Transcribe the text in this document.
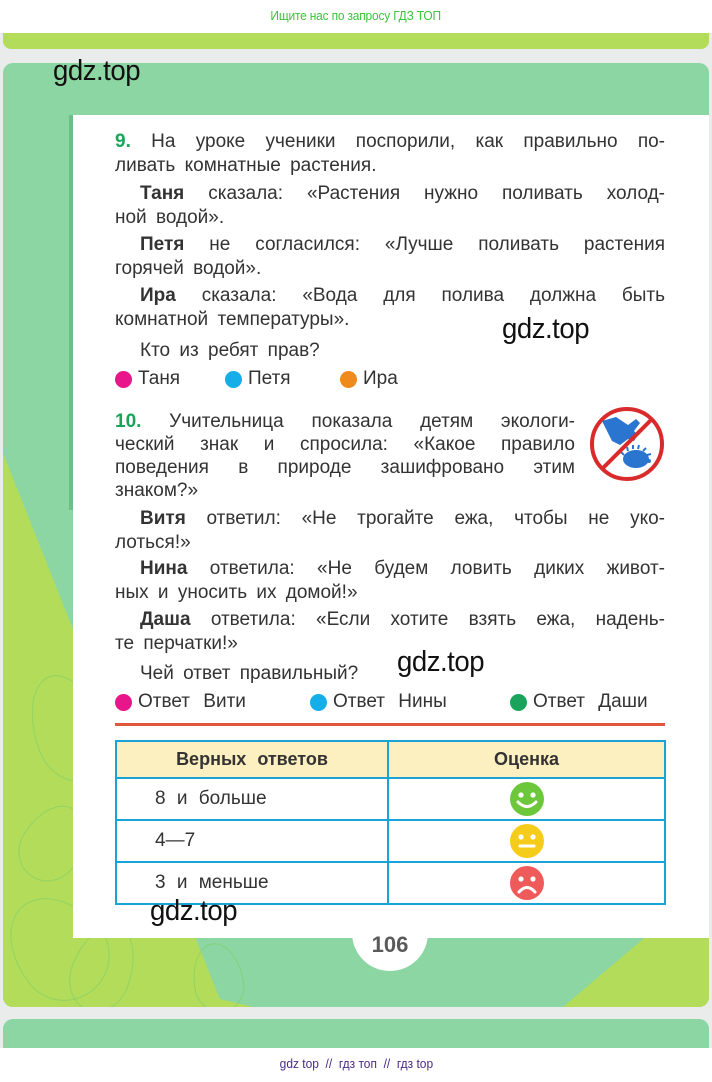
Ищите нас по запросу ГДЗ ТОП
gdz.top
gdz.top
gdz.top
gdz.top
9. На уроке ученики поспорили, как правильно по-
ливать комнатные растения.
Таня сказала: «Растения нужно поливать холод-
ной водой».
Петя не согласился: «Лучше поливать растения
горячей водой».
Ира сказала: «Вода для полива должна быть
комнатной температуры».
Кто из ребят прав?
Таня	Петя	Ира
10. Учительница показала детям экологи-
ческий знак и спросила: «Какое правило
поведения в природе зашифровано этим
знаком?»
Витя ответил: «Не трогайте ежа, чтобы не уко-
лоться!»
Нина ответила: «Не будем ловить диких живот-
ных и уносить их домой!»
Даша ответила: «Если хотите взять ежа, надень-
те перчатки!»
Чей ответ правильный?
Ответ Вити	Ответ Нины	Ответ Даши
Верных ответов	Оценка
8 и больше	
4—7	
3 и меньше	
106
gdz top  //  гдз топ  //  гдз top
